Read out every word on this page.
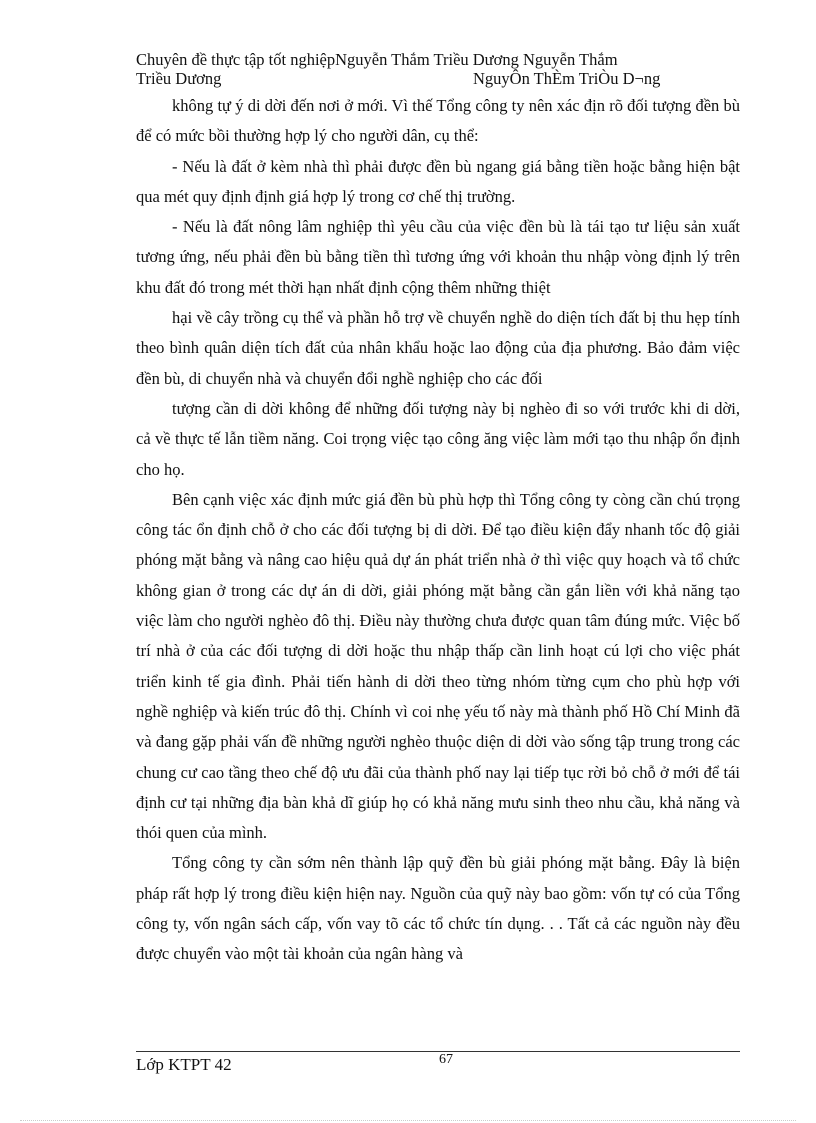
Chuyên đề thực tập tốt nghiệpNguyễn Thắm Triều Dương Nguyễn Thắm
Triều Dương	NguyÔn ThÈm TriÒu D¬ng

không tự ý di dời đến nơi ở mới. Vì thế Tổng công ty nên xác địn rõ đối tượng đền bù để có mức bồi thường hợp lý cho người dân, cụ thể:

- Nếu là đất ở kèm nhà thì phải được đền bù ngang giá bằng tiền hoặc bằng hiện bật qua mét quy định định giá hợp lý trong cơ chế thị trường.

- Nếu là đất nông lâm nghiệp thì yêu cầu của việc đền bù là tái tạo tư liệu sản xuất tương ứng, nếu phải đền bù bằng tiền thì tương ứng với khoản thu nhập vòng định lý trên khu đất đó trong mét thời hạn nhất định cộng thêm những thiệt

hại về cây trồng cụ thể và phần hỗ trợ về chuyển nghề do diện tích đất bị thu hẹp tính theo bình quân diện tích đất của nhân khẩu hoặc lao động của địa phương. Bảo đảm việc đền bù, di chuyển nhà và chuyển đổi nghề nghiệp cho các đối

tượng cần di dời không để những đối tượng này bị nghèo đi so với trước khi di dời, cả về thực tế lẫn tiềm năng. Coi trọng việc tạo công ăng việc làm mới tạo thu nhập ổn định cho họ.

Bên cạnh việc xác định mức giá đền bù phù hợp thì Tổng công ty còng cần chú trọng công tác ổn định chỗ ở cho các đối tượng bị di dời. Để tạo điều kiện đẩy nhanh tốc độ giải phóng mặt bằng và nâng cao hiệu quả dự án phát triển nhà ở thì việc quy hoạch và tổ chức không gian ở trong các dự án di dời, giải phóng mặt bằng cần gắn liền với khả năng tạo việc làm cho người nghèo đô thị. Điều này thường chưa được quan tâm đúng mức. Việc bố trí nhà ở của các đối tượng di dời hoặc thu nhập thấp cần linh hoạt cú lợi cho việc phát triển kinh tế gia đình. Phải tiến hành di dời theo từng nhóm từng cụm cho phù hợp với nghề nghiệp và kiến trúc đô thị. Chính vì coi nhẹ yếu tố này mà thành phố Hồ Chí Minh đã và đang gặp phải vấn đề những người nghèo thuộc diện di dời vào sống tập trung trong các chung cư cao tầng theo chế độ ưu đãi của thành phố nay lại tiếp tục rời bỏ chỗ ở mới để tái định cư tại những địa bàn khả dĩ giúp họ có khả năng mưu sinh theo nhu cầu, khả năng và thói quen của mình.

Tổng công ty cần sớm nên thành lập quỹ đền bù giải phóng mặt bằng. Đây là biện pháp rất hợp lý trong điều kiện hiện nay. Nguồn của quỹ này bao gồm: vốn tự có của Tổng công ty, vốn ngân sách cấp, vốn vay tõ các tổ chức tín dụng. . . Tất cả các nguồn này đều được chuyển vào một tài khoản của ngân hàng và

Lớp KTPT 42	67
